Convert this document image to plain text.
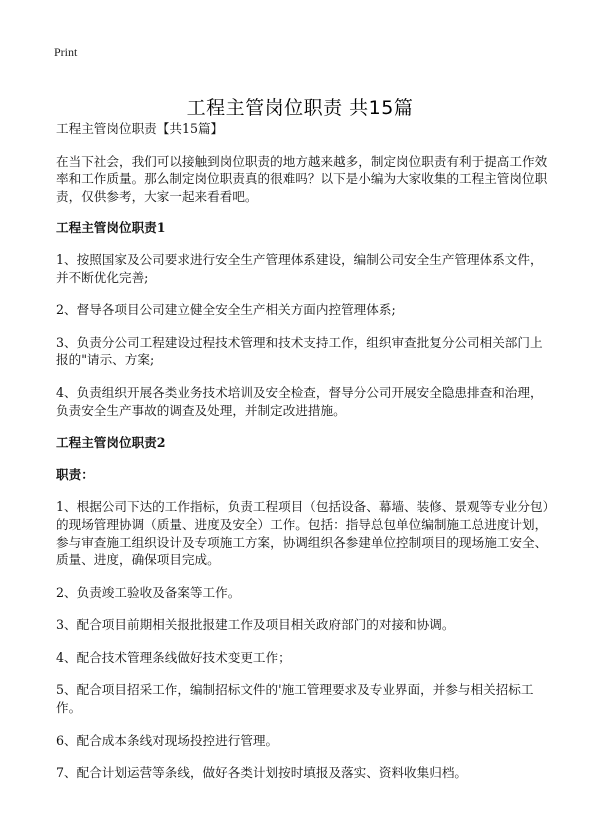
Print
工程主管岗位职责 共15篇

工程主管岗位职责【共15篇】

在当下社会，我们可以接触到岗位职责的地方越来越多，制定岗位职责有利于提高工作效率和工作质量。那么制定岗位职责真的很难吗？以下是小编为大家收集的工程主管岗位职责，仅供参考，大家一起来看看吧。

工程主管岗位职责1

1、按照国家及公司要求进行安全生产管理体系建设，编制公司安全生产管理体系文件，并不断优化完善;

2、督导各项目公司建立健全安全生产相关方面内控管理体系;

3、负责分公司工程建设过程技术管理和技术支持工作，组织审查批复分公司相关部门上报的"请示、方案;

4、负责组织开展各类业务技术培训及安全检查，督导分公司开展安全隐患排查和治理，负责安全生产事故的调查及处理，并制定改进措施。

工程主管岗位职责2

职责：

1、根据公司下达的工作指标，负责工程项目（包括设备、幕墙、装修、景观等专业分包）的现场管理协调（质量、进度及安全）工作。包括：指导总包单位编制施工总进度计划，参与审查施工组织设计及专项施工方案，协调组织各参建单位控制项目的现场施工安全、质量、进度，确保项目完成。

2、负责竣工验收及备案等工作。

3、配合项目前期相关报批报建工作及项目相关政府部门的对接和协调。

4、配合技术管理条线做好技术变更工作；

5、配合项目招采工作，编制招标文件的'施工管理要求及专业界面，并参与相关招标工作。

6、配合成本条线对现场投控进行管理。

7、配合计划运营等条线，做好各类计划按时填报及落实、资料收集归档。
